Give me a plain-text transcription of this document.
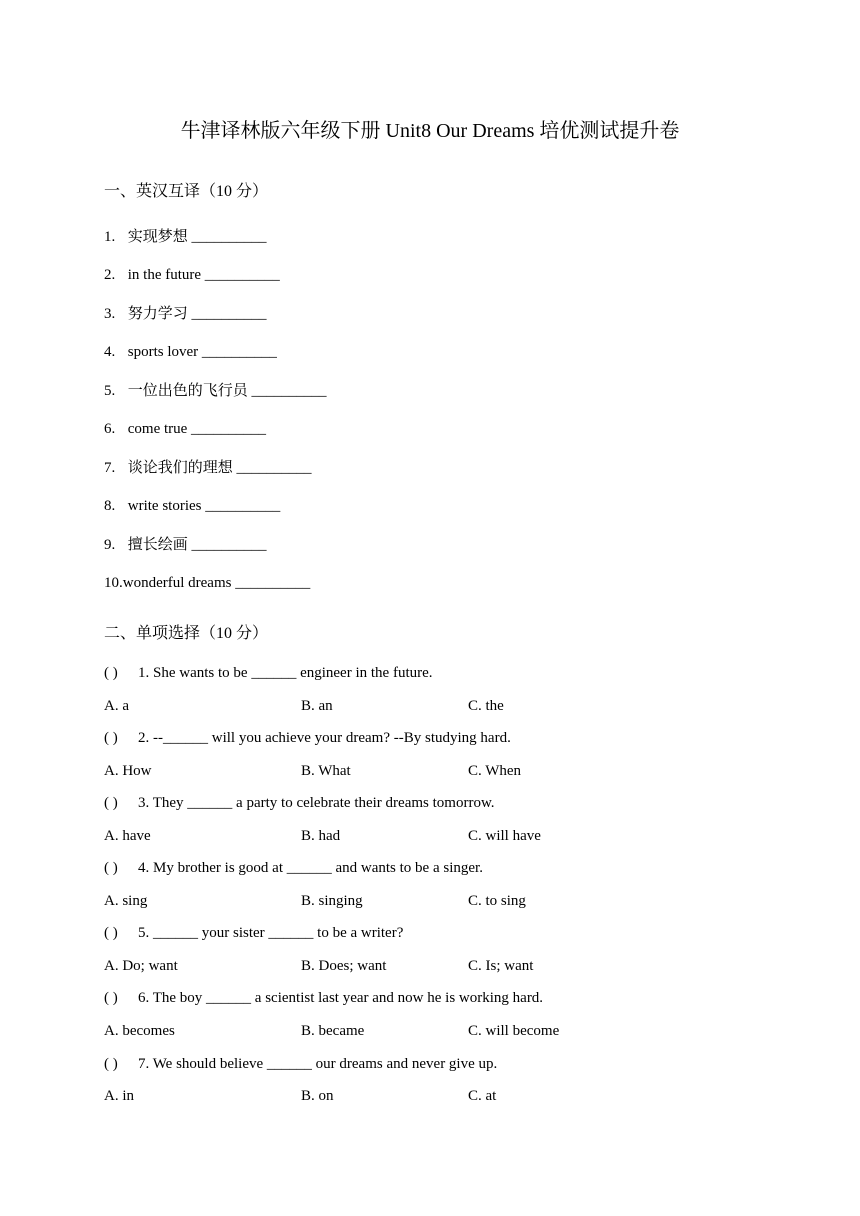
牛津译林版六年级下册 Unit8 Our Dreams 培优测试提升卷
一、英汉互译（10 分）
1. 实现梦想 __________
2. in the future __________
3. 努力学习 __________
4. sports lover __________
5. 一位出色的飞行员 __________
6. come true __________
7. 谈论我们的理想 __________
8. write stories __________
9. 擅长绘画 __________
10.wonderful dreams __________
二、单项选择（10 分）
( ) 1. She wants to be ______ engineer in the future.
A. a	B. an	C. the
( ) 2. --______ will you achieve your dream? --By studying hard.
A. How	B. What	C. When
( ) 3. They ______ a party to celebrate their dreams tomorrow.
A. have	B. had	C. will have
( ) 4. My brother is good at ______ and wants to be a singer.
A. sing	B. singing	C. to sing
( ) 5. ______ your sister ______ to be a writer?
A. Do; want	B. Does; want	C. Is; want
( ) 6. The boy ______ a scientist last year and now he is working hard.
A. becomes	B. became	C. will become
( ) 7. We should believe ______ our dreams and never give up.
A. in	B. on	C. at
